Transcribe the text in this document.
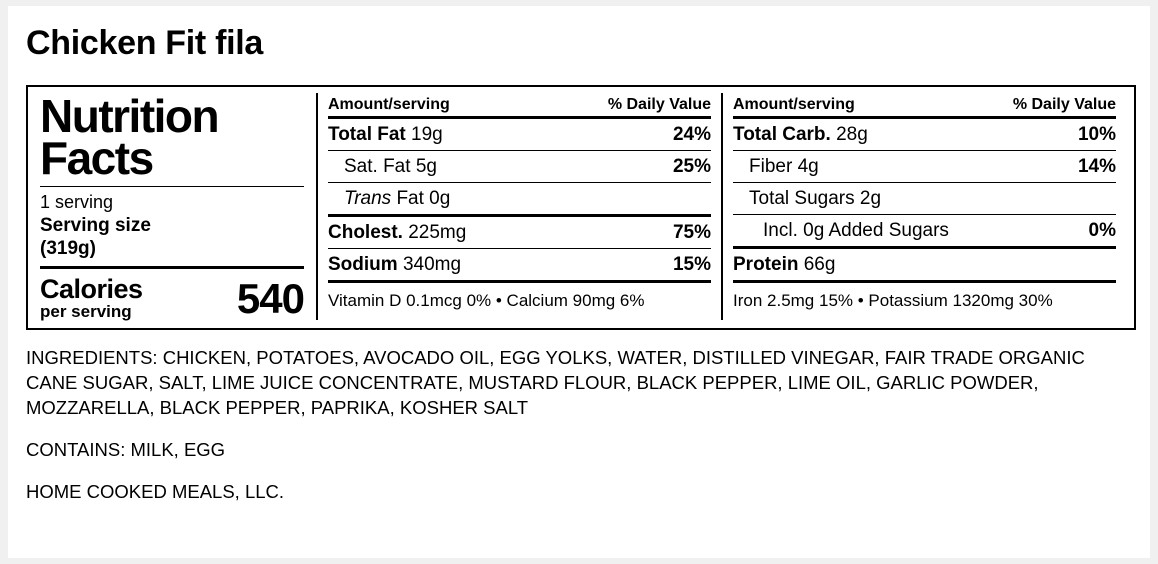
Chicken Fit fila
Nutrition
Facts
1 serving
Serving size
(319g)
Calories
per serving	540
Amount/serving	% Daily Value
Total Fat 19g	24%
Sat. Fat 5g	25%
Trans Fat 0g
Cholest. 225mg	75%
Sodium 340mg	15%
Vitamin D 0.1mcg 0% • Calcium 90mg 6%
Amount/serving	% Daily Value
Total Carb. 28g	10%
Fiber 4g	14%
Total Sugars 2g
Incl. 0g Added Sugars	0%
Protein 66g
Iron 2.5mg 15% • Potassium 1320mg 30%
INGREDIENTS: CHICKEN, POTATOES, AVOCADO OIL, EGG YOLKS, WATER, DISTILLED VINEGAR, FAIR TRADE ORGANIC CANE SUGAR, SALT, LIME JUICE CONCENTRATE, MUSTARD FLOUR, BLACK PEPPER, LIME OIL, GARLIC POWDER, MOZZARELLA, BLACK PEPPER, PAPRIKA, KOSHER SALT
CONTAINS: MILK, EGG
HOME COOKED MEALS, LLC.
